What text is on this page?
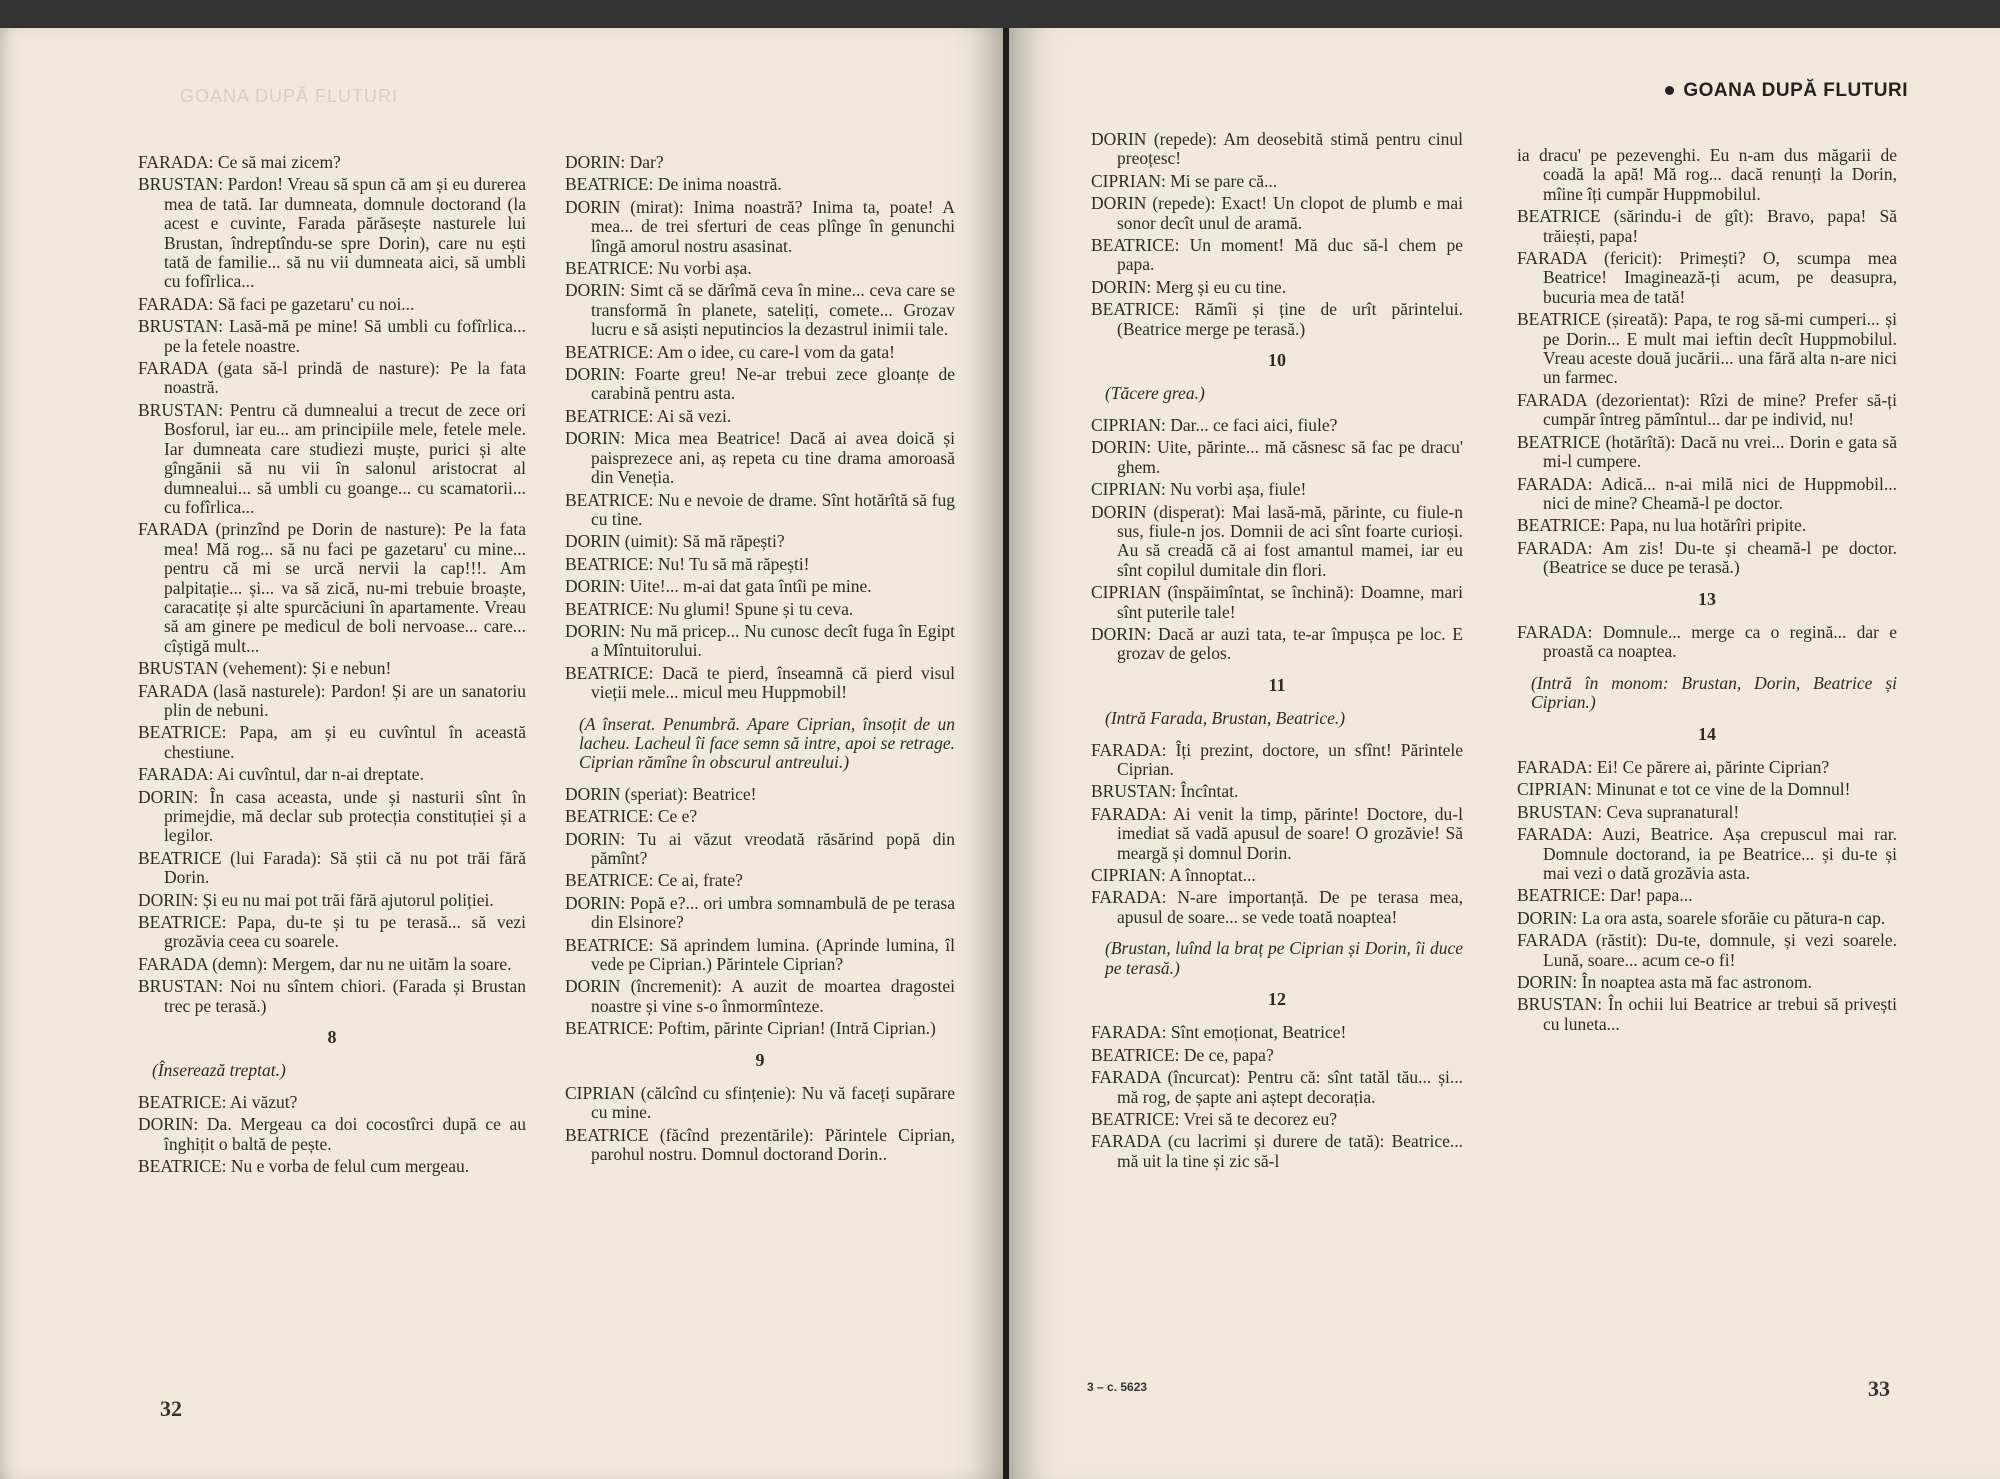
GOANA DUPĂ FLUTURI

FARADA: Ce să mai zicem?

BRUSTAN: Pardon! Vreau să spun că am și eu durerea mea de tată. Iar dumneata, domnule doctorand (la acest e cuvinte, Farada părăsește nasturele lui Brustan, îndreptîndu-se spre Dorin), care nu ești tată de familie... să nu vii dumneata aici, să umbli cu fofîrlica...

FARADA: Să faci pe gazetaru' cu noi...

BRUSTAN: Lasă-mă pe mine! Să umbli cu fofîrlica... pe la fetele noastre.

FARADA (gata să-l prindă de nasture): Pe la fata noastră.

BRUSTAN: Pentru că dumnealui a trecut de zece ori Bosforul, iar eu... am principiile mele, fetele mele. Iar dumneata care studiezi muște, purici și alte gîngănii să nu vii în salonul aristocrat al dumnealui... să umbli cu goange... cu scamatorii... cu fofîrlica...

FARADA (prinzînd pe Dorin de nasture): Pe la fata mea! Mă rog... să nu faci pe gazetaru' cu mine... pentru că mi se urcă nervii la cap!!!. Am palpitație... și... va să zică, nu-mi trebuie broaște, caracatițe și alte spurcăciuni în apartamente. Vreau să am ginere pe medicul de boli nervoase... care... cîștigă mult...

BRUSTAN (vehement): Și e nebun!

FARADA (lasă nasturele): Pardon! Și are un sanatoriu plin de nebuni.

BEATRICE: Papa, am și eu cuvîntul în această chestiune.

FARADA: Ai cuvîntul, dar n-ai dreptate.

DORIN: În casa aceasta, unde și nasturii sînt în primejdie, mă declar sub protecția constituției și a legilor.

BEATRICE (lui Farada): Să știi că nu pot trăi fără Dorin.

DORIN: Și eu nu mai pot trăi fără ajutorul poliției.

BEATRICE: Papa, du-te și tu pe terasă... să vezi grozăvia ceea cu soarele.

FARADA (demn): Mergem, dar nu ne uităm la soare.

BRUSTAN: Noi nu sîntem chiori. (Farada și Brustan trec pe terasă.)

8

(Înserează treptat.)

BEATRICE: Ai văzut?

DORIN: Da. Mergeau ca doi cocostîrci după ce au înghițit o baltă de pește.

BEATRICE: Nu e vorba de felul cum mergeau.

DORIN: Dar?

BEATRICE: De inima noastră.

DORIN (mirat): Inima noastră? Inima ta, poate! A mea... de trei sferturi de ceas plînge în genunchi lîngă amorul nostru asasinat.

BEATRICE: Nu vorbi așa.

DORIN: Simt că se dărîmă ceva în mine... ceva care se transformă în planete, sateliți, comete... Grozav lucru e să asiști neputincios la dezastrul inimii tale.

BEATRICE: Am o idee, cu care-l vom da gata!

DORIN: Foarte greu! Ne-ar trebui zece gloanțe de carabină pentru asta.

BEATRICE: Ai să vezi.

DORIN: Mica mea Beatrice! Dacă ai avea doică și paisprezece ani, aș repeta cu tine drama amoroasă din Veneția.

BEATRICE: Nu e nevoie de drame. Sînt hotărîtă să fug cu tine.

DORIN (uimit): Să mă răpești?

BEATRICE: Nu! Tu să mă răpești!

DORIN: Uite!... m-ai dat gata întîi pe mine.

BEATRICE: Nu glumi! Spune și tu ceva.

DORIN: Nu mă pricep... Nu cunosc decît fuga în Egipt a Mîntuitorului.

BEATRICE: Dacă te pierd, înseamnă că pierd visul vieții mele... micul meu Huppmobil!

(A înserat. Penumbră. Apare Ciprian, însoțit de un lacheu. Lacheul îi face semn să intre, apoi se retrage. Ciprian rămîne în obscurul antreului.)

DORIN (speriat): Beatrice!

BEATRICE: Ce e?

DORIN: Tu ai văzut vreodată răsărind popă din pămînt?

BEATRICE: Ce ai, frate?

DORIN: Popă e?... ori umbra somnambulă de pe terasa din Elsinore?

BEATRICE: Să aprindem lumina. (Aprinde lumina, îl vede pe Ciprian.) Părintele Ciprian?

DORIN (încremenit): A auzit de moartea dragostei noastre și vine s-o înmormînteze.

BEATRICE: Poftim, părinte Ciprian! (Intră Ciprian.)

9

CIPRIAN (călcînd cu sfințenie): Nu vă faceți supărare cu mine.

BEATRICE (făcînd prezentările): Părintele Ciprian, parohul nostru. Domnul doctorand Dorin..

32
GOANA DUPĂ FLUTURI

DORIN (repede): Am deosebită stimă pentru cinul preoțesc!

CIPRIAN: Mi se pare că...

DORIN (repede): Exact! Un clopot de plumb e mai sonor decît unul de aramă.

BEATRICE: Un moment! Mă duc să-l chem pe papa.

DORIN: Merg și eu cu tine.

BEATRICE: Rămîi și ține de urît părintelui. (Beatrice merge pe terasă.)

10

(Tăcere grea.)

CIPRIAN: Dar... ce faci aici, fiule?

DORIN: Uite, părinte... mă căsnesc să fac pe dracu' ghem.

CIPRIAN: Nu vorbi așa, fiule!

DORIN (disperat): Mai lasă-mă, părinte, cu fiule-n sus, fiule-n jos. Domnii de aci sînt foarte curioși. Au să creadă că ai fost amantul mamei, iar eu sînt copilul dumitale din flori.

CIPRIAN (înspăimîntat, se închină): Doamne, mari sînt puterile tale!

DORIN: Dacă ar auzi tata, te-ar împușca pe loc. E grozav de gelos.

11

(Intră Farada, Brustan, Beatrice.)

FARADA: Îți prezint, doctore, un sfînt! Părintele Ciprian.

BRUSTAN: Încîntat.

FARADA: Ai venit la timp, părinte! Doctore, du-l imediat să vadă apusul de soare! O grozăvie! Să meargă și domnul Dorin.

CIPRIAN: A înnoptat...

FARADA: N-are importanță. De pe terasa mea, apusul de soare... se vede toată noaptea!

(Brustan, luînd la braț pe Ciprian și Dorin, îi duce pe terasă.)

12

FARADA: Sînt emoționat, Beatrice!

BEATRICE: De ce, papa?

FARADA (încurcat): Pentru că: sînt tatăl tău... și... mă rog, de șapte ani aștept decorația.

BEATRICE: Vrei să te decorez eu?

FARADA (cu lacrimi și durere de tată): Beatrice... mă uit la tine și zic să-l

ia dracu' pe pezevenghi. Eu n-am dus măgarii de coadă la apă! Mă rog... dacă renunți la Dorin, mîine îți cumpăr Huppmobilul.

BEATRICE (sărindu-i de gît): Bravo, papa! Să trăiești, papa!

FARADA (fericit): Primești? O, scumpa mea Beatrice! Imaginează-ți acum, pe deasupra, bucuria mea de tată!

BEATRICE (șireată): Papa, te rog să-mi cumperi... și pe Dorin... E mult mai ieftin decît Huppmobilul. Vreau aceste două jucării... una fără alta n-are nici un farmec.

FARADA (dezorientat): Rîzi de mine? Prefer să-ți cumpăr întreg pămîntul... dar pe individ, nu!

BEATRICE (hotărîtă): Dacă nu vrei... Dorin e gata să mi-l cumpere.

FARADA: Adică... n-ai milă nici de Huppmobil... nici de mine? Cheamă-l pe doctor.

BEATRICE: Papa, nu lua hotărîri pripite.

FARADA: Am zis! Du-te și cheamă-l pe doctor. (Beatrice se duce pe terasă.)

13

FARADA: Domnule... merge ca o regină... dar e proastă ca noaptea.

(Intră în monom: Brustan, Dorin, Beatrice și Ciprian.)

14

FARADA: Ei! Ce părere ai, părinte Ciprian?

CIPRIAN: Minunat e tot ce vine de la Domnul!

BRUSTAN: Ceva supranatural!

FARADA: Auzi, Beatrice. Așa crepuscul mai rar. Domnule doctorand, ia pe Beatrice... și du-te și mai vezi o dată grozăvia asta.

BEATRICE: Dar! papa...

DORIN: La ora asta, soarele sforăie cu pătura-n cap.

FARADA (răstit): Du-te, domnule, și vezi soarele. Lună, soare... acum ce-o fi!

DORIN: În noaptea asta mă fac astronom.

BRUSTAN: În ochii lui Beatrice ar trebui să privești cu luneta...

3 – c. 5623	33
